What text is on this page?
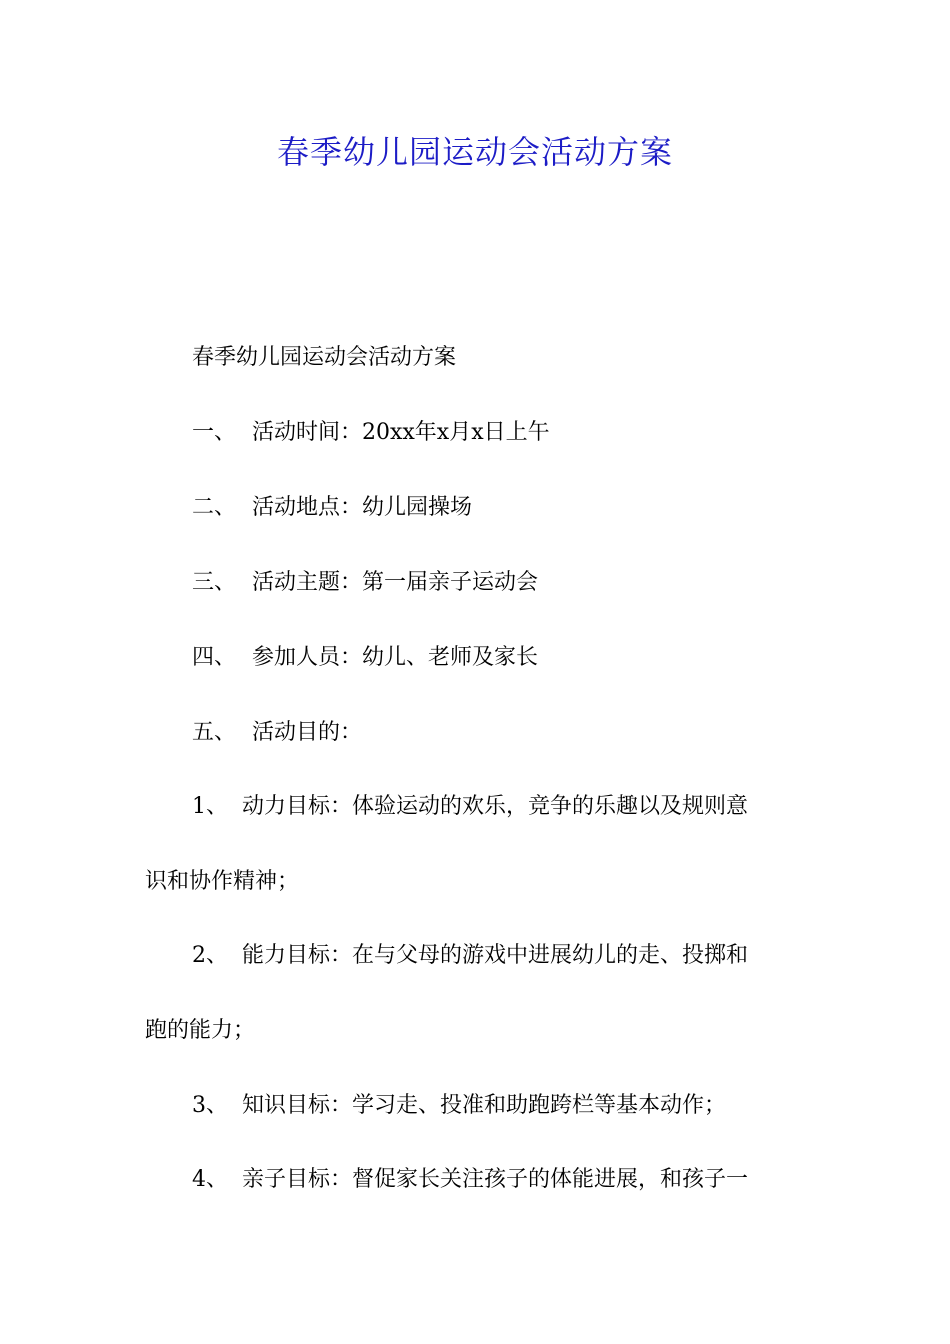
春季幼儿园运动会活动方案
春季幼儿园运动会活动方案
一、 活动时间：20xx年x月x日上午
二、 活动地点：幼儿园操场
三、 活动主题：第一届亲子运动会
四、 参加人员：幼儿、老师及家长
五、 活动目的：
1、 动力目标：体验运动的欢乐，竞争的乐趣以及规则意
识和协作精神；
2、 能力目标：在与父母的游戏中进展幼儿的走、投掷和
跑的能力；
3、 知识目标：学习走、投准和助跑跨栏等基本动作；
4、 亲子目标：督促家长关注孩子的体能进展，和孩子一
